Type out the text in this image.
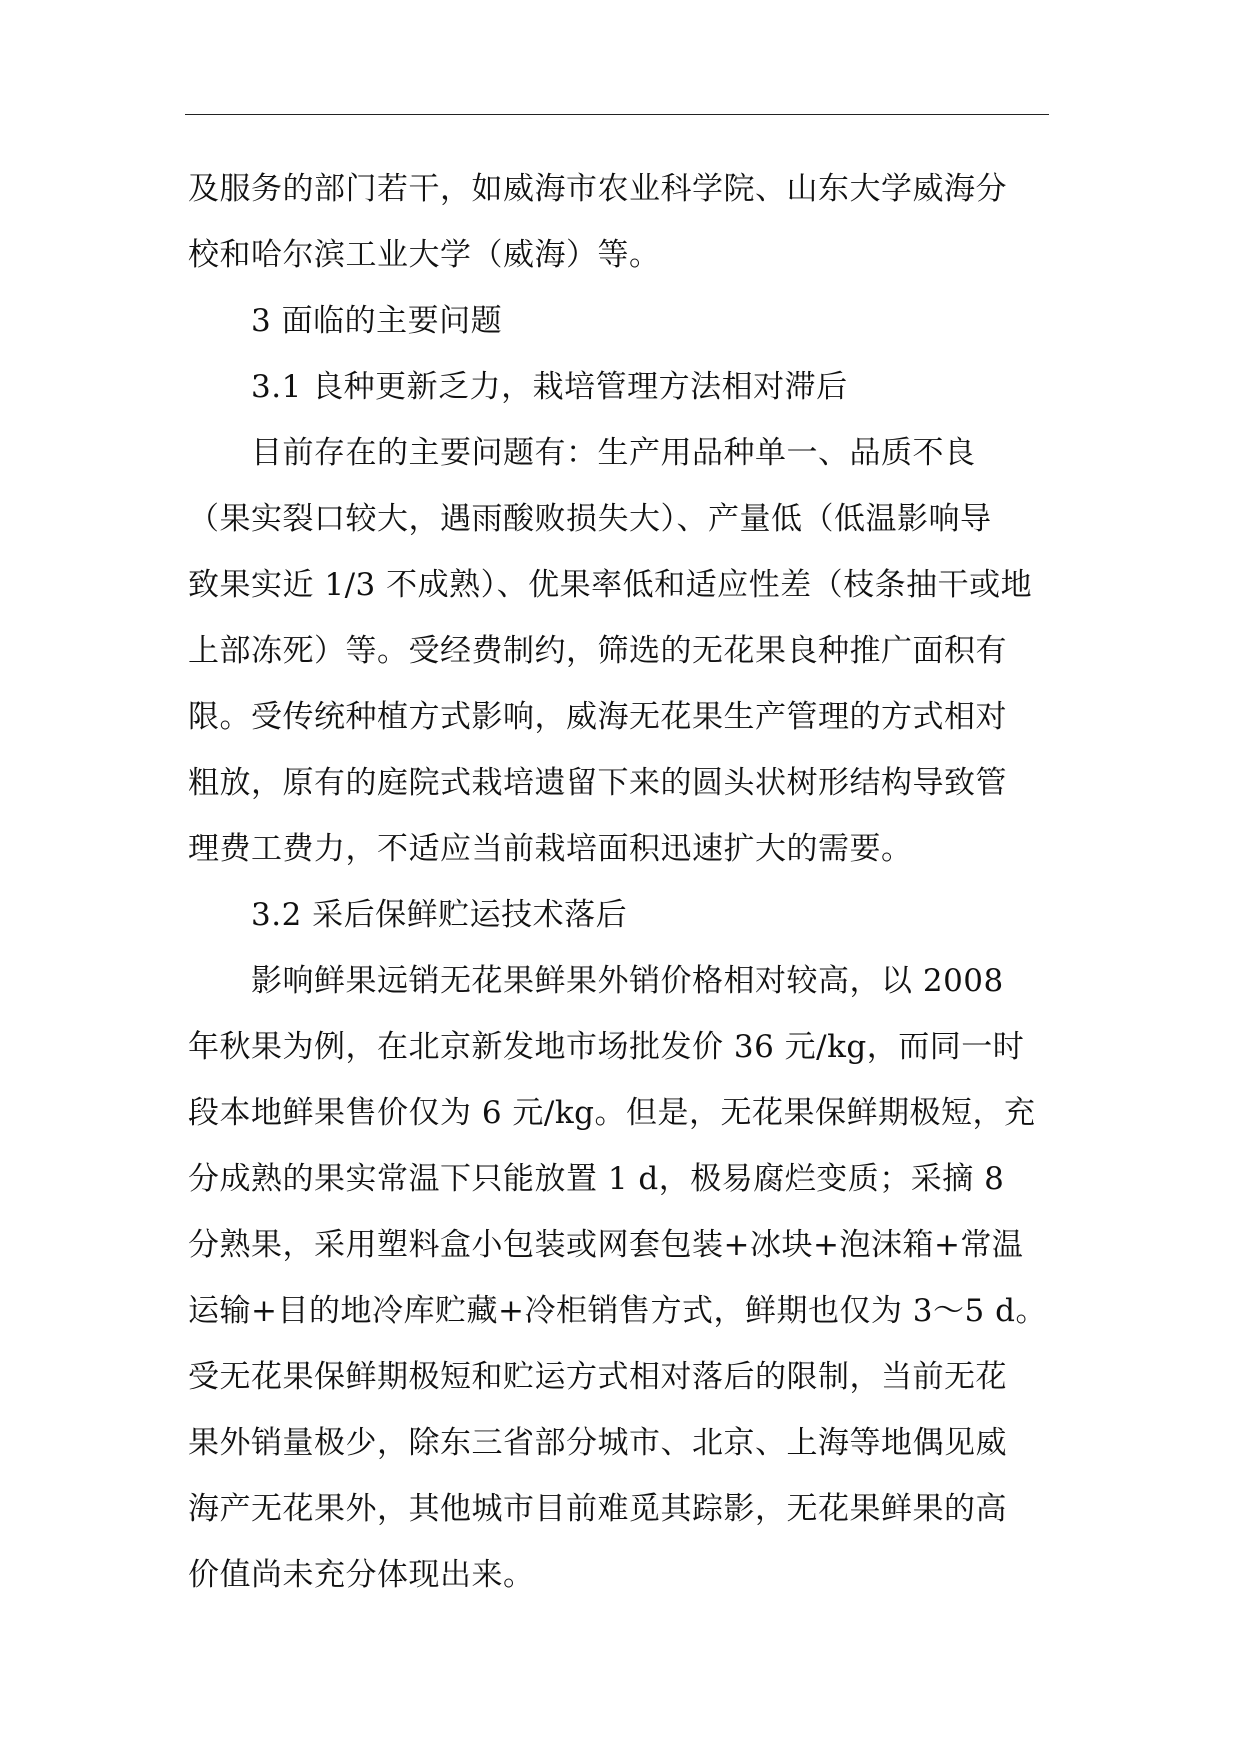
及服务的部门若干，如威海市农业科学院、山东大学威海分
校和哈尔滨工业大学（威海）等。
3 面临的主要问题
3.1 良种更新乏力，栽培管理方法相对滞后
目前存在的主要问题有：生产用品种单一、品质不良
（果实裂口较大，遇雨酸败损失大）、产量低（低温影响导
致果实近 1/3 不成熟）、优果率低和适应性差（枝条抽干或地
上部冻死）等。受经费制约，筛选的无花果良种推广面积有
限。受传统种植方式影响，威海无花果生产管理的方式相对
粗放，原有的庭院式栽培遗留下来的圆头状树形结构导致管
理费工费力，不适应当前栽培面积迅速扩大的需要。
3.2 采后保鲜贮运技术落后
影响鲜果远销无花果鲜果外销价格相对较高，以 2008
年秋果为例，在北京新发地市场批发价 36 元/kg，而同一时
段本地鲜果售价仅为 6 元/kg。但是，无花果保鲜期极短，充
分成熟的果实常温下只能放置 1 d，极易腐烂变质；采摘 8
分熟果，采用塑料盒小包装或网套包装+冰块+泡沫箱+常温
运输+目的地冷库贮藏+冷柜销售方式，鲜期也仅为 3～5 d。
受无花果保鲜期极短和贮运方式相对落后的限制，当前无花
果外销量极少，除东三省部分城市、北京、上海等地偶见威
海产无花果外，其他城市目前难觅其踪影，无花果鲜果的高
价值尚未充分体现出来。
